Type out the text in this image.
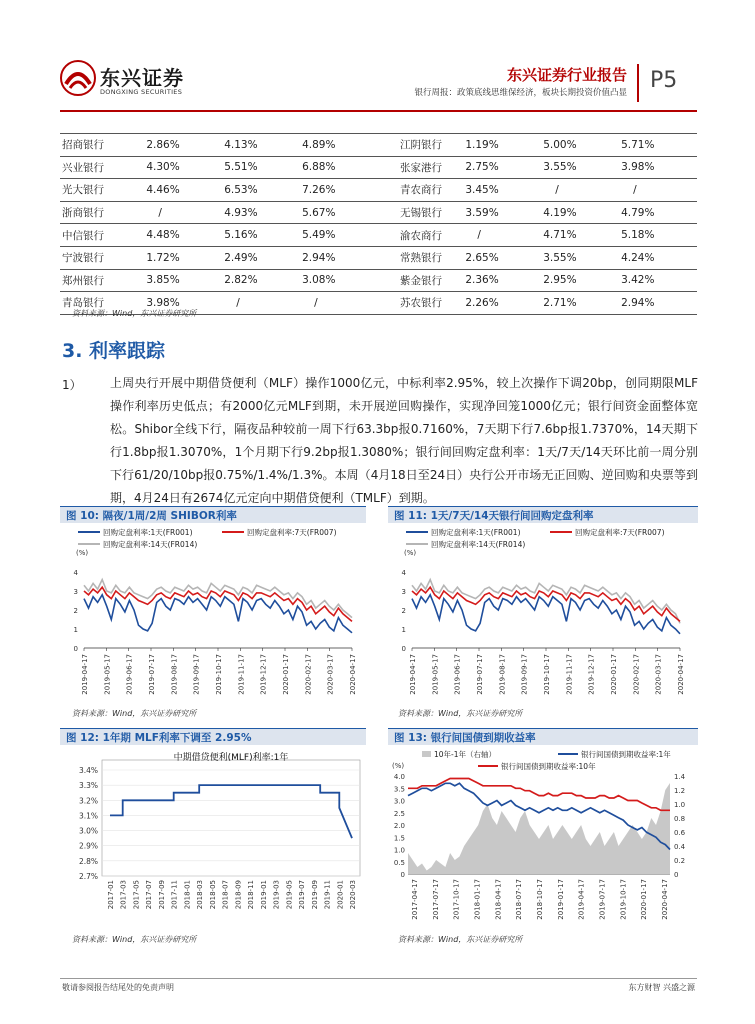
东兴证券
DONGXING SECURITIES
东兴证券行业报告
银行周报：政策底线思维保经济，板块长期投资价值凸显 P5
招商银行	2.86%	4.13%	4.89%	江阴银行	1.19%	5.00%	5.71%
兴业银行	4.30%	5.51%	6.88%	张家港行	2.75%	3.55%	3.98%
光大银行	4.46%	6.53%	7.26%	青农商行	3.45%	/	/
浙商银行	/	4.93%	5.67%	无锡银行	3.59%	4.19%	4.79%
中信银行	4.48%	5.16%	5.49%	渝农商行	/	4.71%	5.18%
宁波银行	1.72%	2.49%	2.94%	常熟银行	2.65%	3.55%	4.24%
郑州银行	3.85%	2.82%	3.08%	紫金银行	2.36%	2.95%	3.42%
青岛银行	3.98%	/	/	苏农银行	2.26%	2.71%	2.94%
资料来源：Wind，东兴证券研究所
3. 利率跟踪
1） 上周央行开展中期借贷便利（MLF）操作1000亿元，中标利率2.95%，较上次操作下调20bp，创同期限MLF操作利率历史低点；有2000亿元MLF到期，未开展逆回购操作，实现净回笼1000亿元；银行间资金面整体宽松。Shibor全线下行，隔夜品种较前一周下行63.3bp报0.7160%，7天期下行7.6bp报1.7370%，14天期下行1.8bp报1.3070%，1个月期下行9.2bp报1.3080%；银行间回购定盘利率：1天/7天/14天环比前一周分别下行61/20/10bp报0.75%/1.4%/1.3%。本周（4月18日至24日）央行公开市场无正回购、逆回购和央票等到期，4月24日有2674亿元定向中期借贷便利（TMLF）到期。
图 10: 隔夜/1周/2周 SHIBOR利率
回购定盘利率:1天(FR001)	回购定盘利率:7天(FR007)
回购定盘利率:14天(FR014)
(%)
0
1
2
3
4
2019-04-17 2019-05-17 2019-06-17 2019-07-17 2019-08-17 2019-09-17 2019-10-17 2019-11-17 2019-12-17 2020-01-17 2020-02-17 2020-03-17 2020-04-17
资料来源：Wind，东兴证券研究所
图 11: 1天/7天/14天银行间回购定盘利率
回购定盘利率:1天(FR001)	回购定盘利率:7天(FR007)
回购定盘利率:14天(FR014)
(%)
0
1
2
3
4
2019-04-17 2019-05-17 2019-06-17 2019-07-17 2019-08-17 2019-09-17 2019-10-17 2019-11-17 2019-12-17 2020-01-17 2020-02-17 2020-03-17 2020-04-17
资料来源：Wind，东兴证券研究所
图 12: 1年期 MLF利率下调至 2.95%
中期借贷便利(MLF)利率:1年
2.7%
2.8%
2.9%
3.0%
3.1%
3.2%
3.3%
3.4%
2017-01 2017-03 2017-05 2017-07 2017-09 2017-11 2018-01 2018-03 2018-05 2018-07 2018-09 2018-11 2019-01 2019-03 2019-05 2019-07 2019-09 2019-11 2020-01 2020-03
资料来源：Wind，东兴证券研究所
图 13: 银行间国债到期收益率
10年-1年（右轴）	银行间国债到期收益率:1年
银行间国债到期收益率:10年
(%)
0
0.5
1.0
1.5
2.0
2.5
3.0
3.5
4.0
0
0.2
0.4
0.6
0.8
1.0
1.2
1.4
2017-04-17 2017-07-17 2017-10-17 2018-01-17 2018-04-17 2018-07-17 2018-10-17 2019-01-17 2019-04-17 2019-07-17 2019-10-17 2020-01-17 2020-04-17
资料来源：Wind，东兴证券研究所
敬请参阅报告结尾处的免责声明	东方财智 兴盛之源
